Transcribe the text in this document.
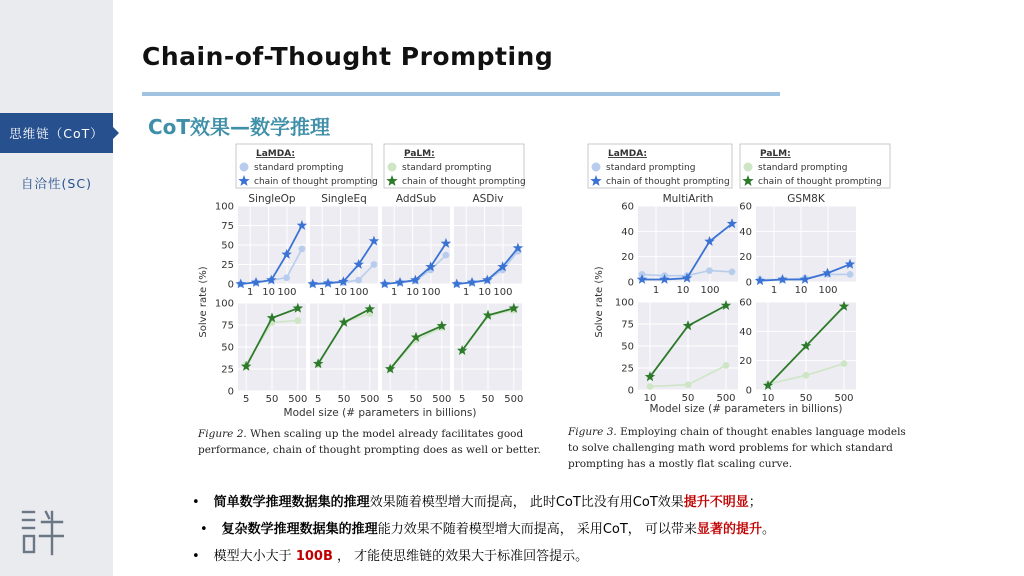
思维链（CoT）
自洽性(SC)
Chain-of-Thought Prompting
CoT效果—数学推理
LaMDA:
standard prompting
chain of thought prompting
PaLM:
standard prompting
chain of thought prompting
0
25
50
75
100
1 10 100
SingleOp
0
25
50
75
100
5 50 500
1 10 100
SingleEq
5 50 500
1 10 100
AddSub
5 50 500
1 10 100
ASDiv
5 50 500
Solve rate (%)
Model size (# parameters in billions)
Figure 2. When scaling up the model already facilitates good performance, chain of thought prompting does as well or better.
LaMDA:
standard prompting
chain of thought prompting
PaLM:
standard prompting
chain of thought prompting
0
20
40
60
1 10 100
MultiArith
0
25
50
75
100
10	50 500
0
20
40
60
1 10 100
GSM8K
0
20
40
60
10	50 500
Solve rate (%)
Model size (# parameters in billions)
Figure 3. Employing chain of thought enables language models to solve challenging math word problems for which standard prompting has a mostly flat scaling curve.
• 简单数学推理数据集的推理效果随着模型增大而提高， 此时CoT比没有用CoT效果提升不明显；
• 复杂数学推理数据集的推理能力效果不随着模型增大而提高， 采用CoT， 可以带来显著的提升。
• 模型大小大于 100B ， 才能使思维链的效果大于标准回答提示。
